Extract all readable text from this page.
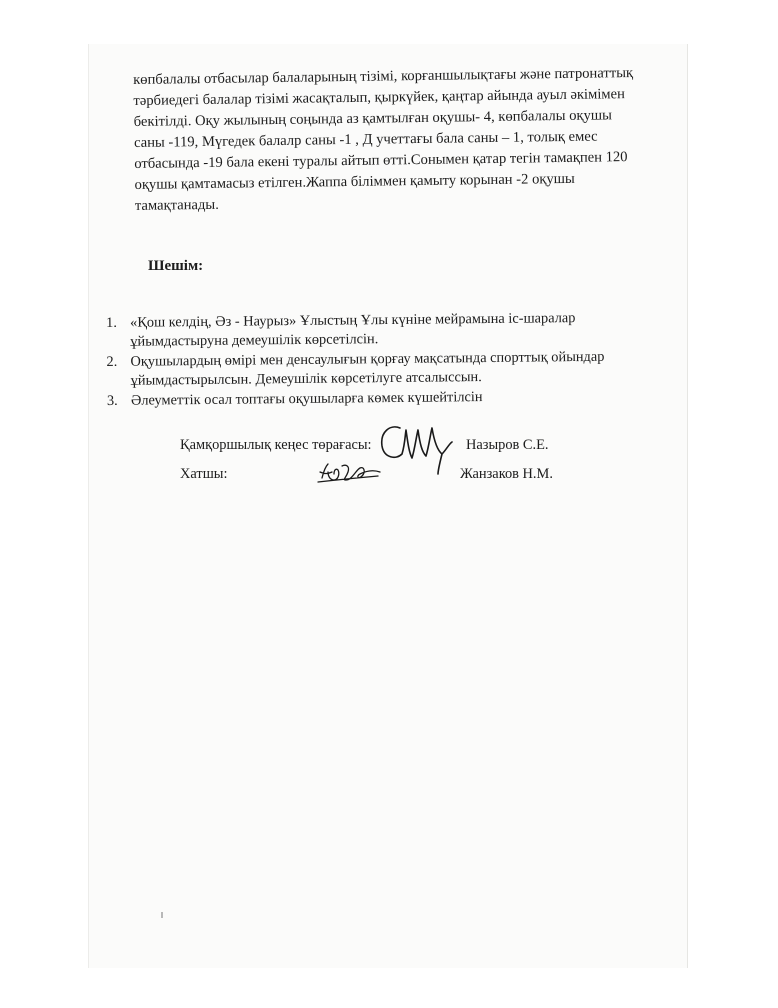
көпбалалы отбасылар балаларының тізімі, корғаншылықтағы және патронаттық
тәрбиедегі балалар тізімі жасақталып, қыркүйек, қаңтар айында ауыл әкімімен
бекітілді. Оқу жылының соңында аз қамтылған оқушы- 4, көпбалалы оқушы
саны -119, Мүгедек балалр саны -1 , Д учеттағы бала саны – 1, толық емес
отбасында -19 бала екені туралы айтып өтті.Сонымен қатар тегін тамақпен 120
оқушы қамтамасыз етілген.Жаппа біліммен қамыту корынан -2 оқушы
тамақтанады.
Шешім:
1. «Қош келдің, Әз - Наурыз» Ұлыстың Ұлы күніне мейрамына іс-шаралар
ұйымдастыруна демеушілік көрсетілсін.
2. Оқушылардың өмірі мен денсаулығын қорғау мақсатында спорттық ойындар
ұйымдастырылсын. Демеушілік көрсетілуге атсалыссын.
3. Әлеуметтік осал топтағы оқушыларға көмек күшейтілсін
Қамқоршылық кеңес төрағасы:	Назыров С.Е.
Хатшы:	Жанзаков Н.М.
